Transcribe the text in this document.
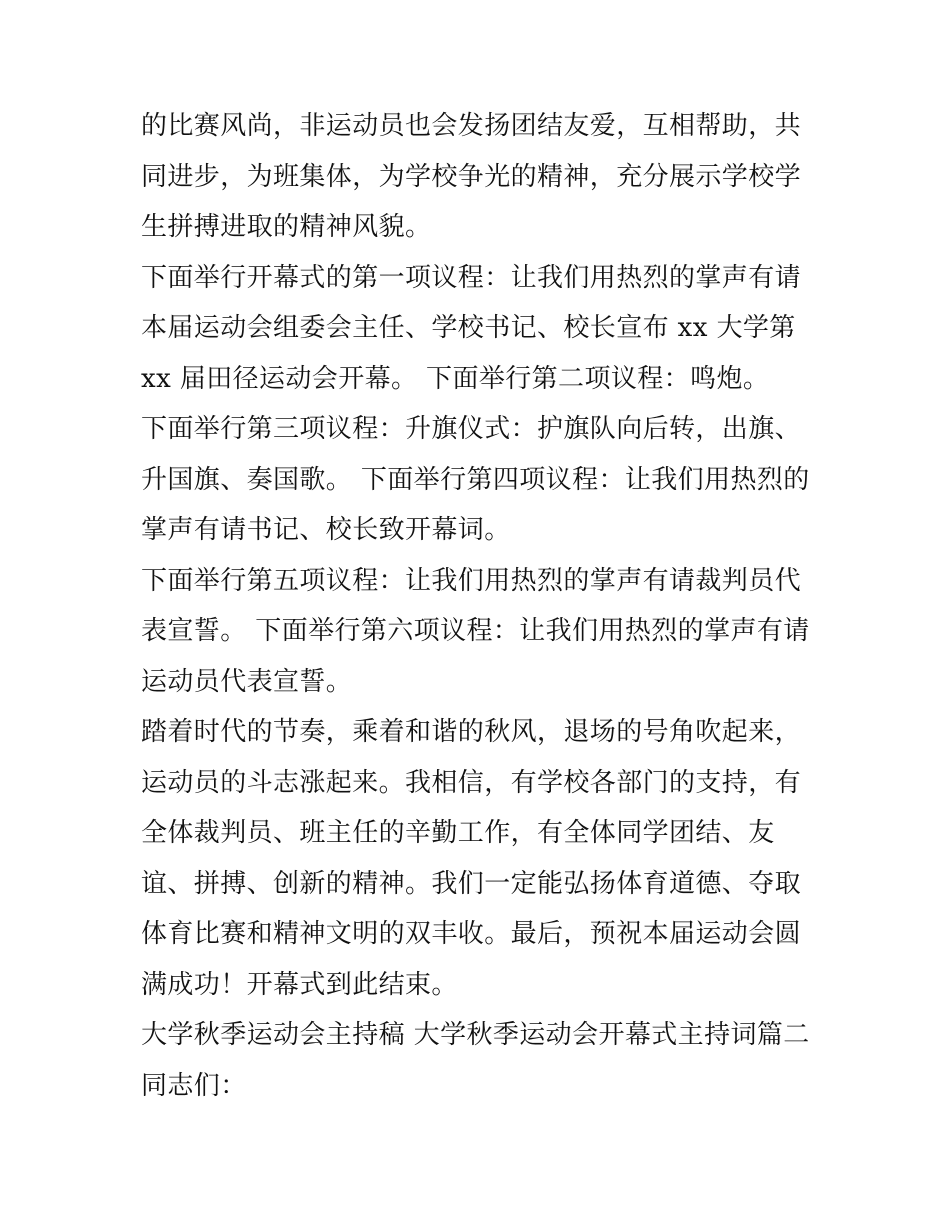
的比赛风尚，非运动员也会发扬团结友爱，互相帮助，共同进步，为班集体，为学校争光的精神，充分展示学校学生拼搏进取的精神风貌。

下面举行开幕式的第一项议程：让我们用热烈的掌声有请本届运动会组委会主任、学校书记、校长宣布 xx 大学第 xx 届田径运动会开幕。 下面举行第二项议程：鸣炮。

下面举行第三项议程：升旗仪式：护旗队向后转，出旗、升国旗、奏国歌。 下面举行第四项议程：让我们用热烈的掌声有请书记、校长致开幕词。

下面举行第五项议程：让我们用热烈的掌声有请裁判员代表宣誓。 下面举行第六项议程：让我们用热烈的掌声有请运动员代表宣誓。

踏着时代的节奏，乘着和谐的秋风，退场的号角吹起来，运动员的斗志涨起来。我相信，有学校各部门的支持，有全体裁判员、班主任的辛勤工作，有全体同学团结、友谊、拼搏、创新的精神。我们一定能弘扬体育道德、夺取体育比赛和精神文明的双丰收。最后，预祝本届运动会圆满成功！开幕式到此结束。

大学秋季运动会主持稿 大学秋季运动会开幕式主持词篇二 同志们：
